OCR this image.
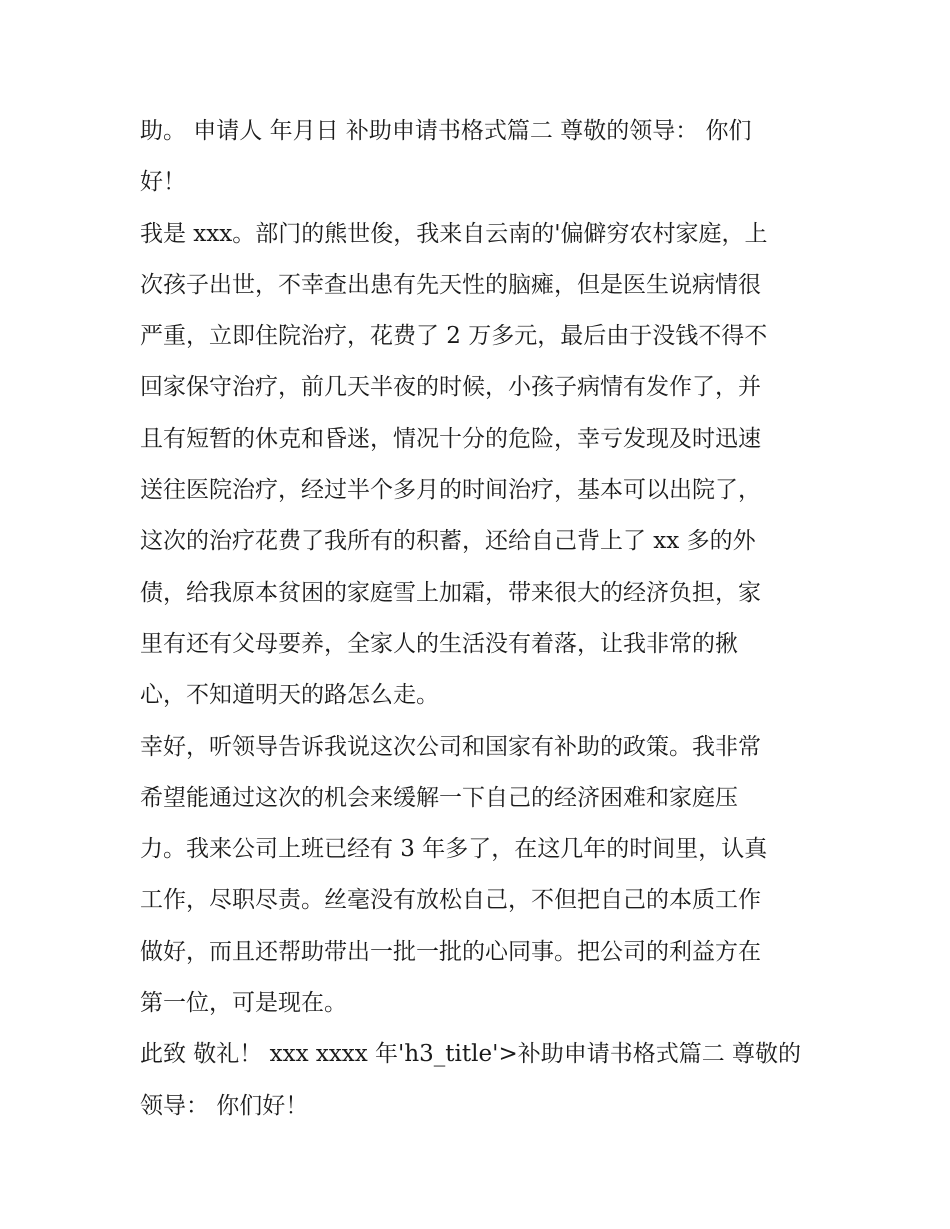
助。 申请人 年月日 补助申请书格式篇二 尊敬的领导： 你们
好！
我是 xxx。部门的熊世俊，我来自云南的'偏僻穷农村家庭，上
次孩子出世，不幸查出患有先天性的脑瘫，但是医生说病情很
严重，立即住院治疗，花费了 2 万多元，最后由于没钱不得不
回家保守治疗，前几天半夜的时候，小孩子病情有发作了，并
且有短暂的休克和昏迷，情况十分的危险，幸亏发现及时迅速
送往医院治疗，经过半个多月的时间治疗，基本可以出院了，
这次的治疗花费了我所有的积蓄，还给自己背上了 xx 多的外
债，给我原本贫困的家庭雪上加霜，带来很大的经济负担，家
里有还有父母要养，全家人的生活没有着落，让我非常的揪
心，不知道明天的路怎么走。
幸好，听领导告诉我说这次公司和国家有补助的政策。我非常
希望能通过这次的机会来缓解一下自己的经济困难和家庭压
力。我来公司上班已经有 3 年多了，在这几年的时间里，认真
工作，尽职尽责。丝毫没有放松自己，不但把自己的本质工作
做好，而且还帮助带出一批一批的心同事。把公司的利益方在
第一位，可是现在。
此致 敬礼！ xxx xxxx 年'h3_title'>补助申请书格式篇二 尊敬的
领导： 你们好！
